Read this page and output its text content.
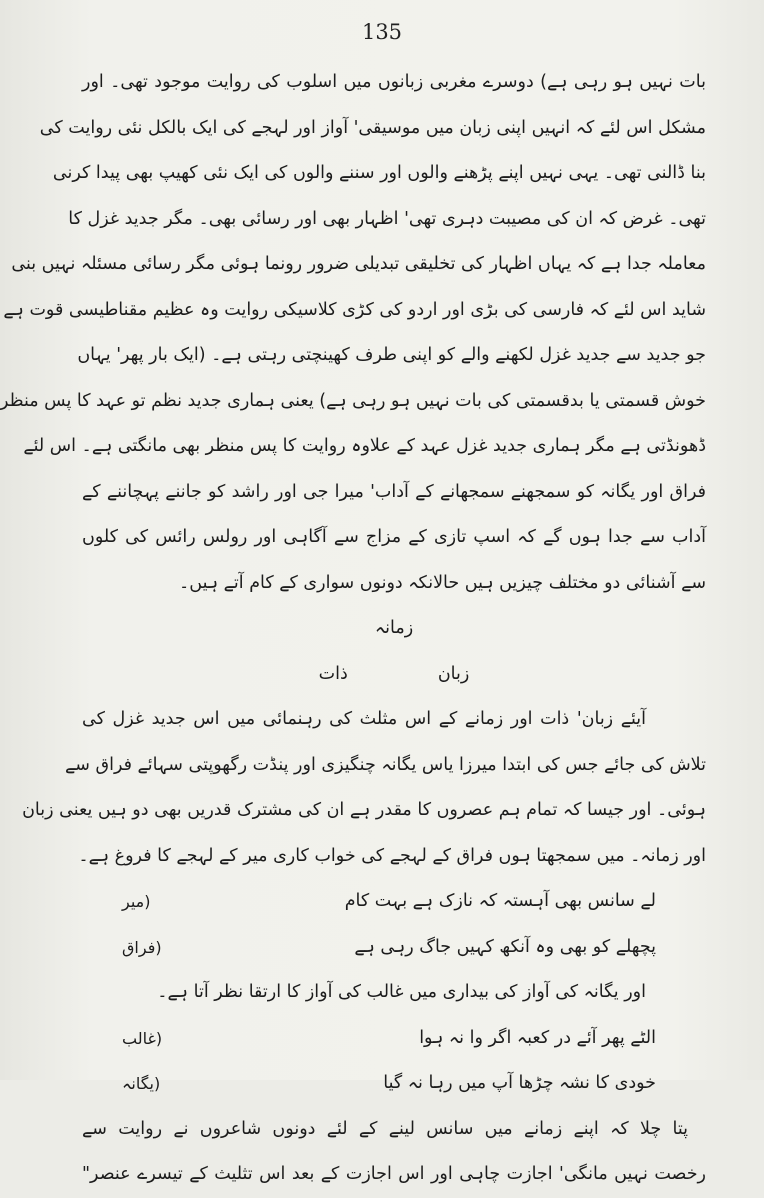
135
بات نہیں ہو رہی ہے) دوسرے مغربی زبانوں میں اسلوب کی روایت موجود تھی۔ اور
مشکل اس لئے کہ انہیں اپنی زبان میں موسیقی' آواز اور لہجے کی ایک بالکل نئی روایت کی
بنا ڈالنی تھی۔ یہی نہیں اپنے پڑھنے والوں اور سننے والوں کی ایک نئی کھیپ بھی پیدا کرنی
تھی۔ غرض کہ ان کی مصیبت دہری تھی' اظہار بھی اور رسائی بھی۔ مگر جدید غزل کا
معاملہ جدا ہے کہ یہاں اظہار کی تخلیقی تبدیلی ضرور رونما ہوئی مگر رسائی مسئلہ نہیں بنی
شاید اس لئے کہ فارسی کی بڑی اور اردو کی کڑی کلاسیکی روایت وہ عظیم مقناطیسی قوت ہے
جو جدید سے جدید غزل لکھنے والے کو اپنی طرف کھینچتی رہتی ہے۔ (ایک بار پھر' یہاں
خوش قسمتی یا بدقسمتی کی بات نہیں ہو رہی ہے) یعنی ہماری جدید نظم تو عہد کا پس منظر
ڈھونڈتی ہے مگر ہماری جدید غزل عہد کے علاوہ روایت کا پس منظر بھی مانگتی ہے۔ اس لئے
فراق اور یگانہ کو سمجھنے سمجھانے کے آداب' میرا جی اور راشد کو جاننے پہچاننے کے
آداب سے جدا ہوں گے کہ اسپ تازی کے مزاج سے آگاہی اور رولس رائس کی کلوں
سے آشنائی دو مختلف چیزیں ہیں حالانکہ دونوں سواری کے کام آتے ہیں۔
زمانہ
زبان
ذات
آیئے زبان' ذات اور زمانے کے اس مثلث کی رہنمائی میں اس جدید غزل کی
تلاش کی جائے جس کی ابتدا میرزا یاس یگانہ چنگیزی اور پنڈت رگھوپتی سہائے فراق سے
ہوئی۔ اور جیسا کہ تمام ہم عصروں کا مقدر ہے ان کی مشترک قدریں بھی دو ہیں یعنی زبان
اور زمانہ۔ میں سمجھتا ہوں فراق کے لہجے کی خواب کاری میر کے لہجے کا فروغ ہے۔
لے سانس بھی آہستہ کہ نازک ہے بہت کام
(میر
پچھلے کو بھی وہ آنکھ کہیں جاگ رہی ہے
(فراق
اور یگانہ کی آواز کی بیداری میں غالب کی آواز کا ارتقا نظر آتا ہے۔
الٹے پھر آئے در کعبہ اگر وا نہ ہوا
(غالب
خودی کا نشہ چڑھا آپ میں رہا نہ گیا
(یگانہ
پتا چلا کہ اپنے زمانے میں سانس لینے کے لئے دونوں شاعروں نے روایت سے
رخصت نہیں مانگی' اجازت چاہی اور اس اجازت کے بعد اس تثلیث کے تیسرے عنصر"
